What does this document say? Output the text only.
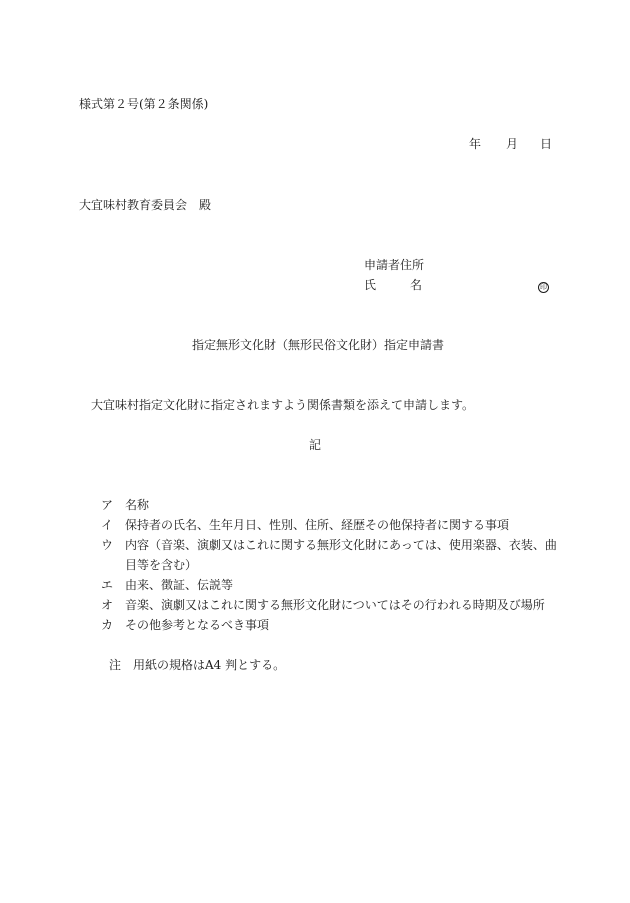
様式第２号(第２条関係)
年 月 日
大宜味村教育委員会　殿
申請者住所
氏	名	印
指定無形文化財（無形民俗文化財）指定申請書
大宜味村指定文化財に指定されますよう関係書類を添えて申請します。
記
ア 名称
イ 保持者の氏名、生年月日、性別、住所、経歴その他保持者に関する事項
ウ 内容（音楽、演劇又はこれに関する無形文化財にあっては、使用楽器、衣装、曲
目等を含む）
エ 由来、徴証、伝説等
オ 音楽、演劇又はこれに関する無形文化財についてはその行われる時期及び場所
カ その他参考となるべき事項
注　用紙の規格はA4 判とする。
